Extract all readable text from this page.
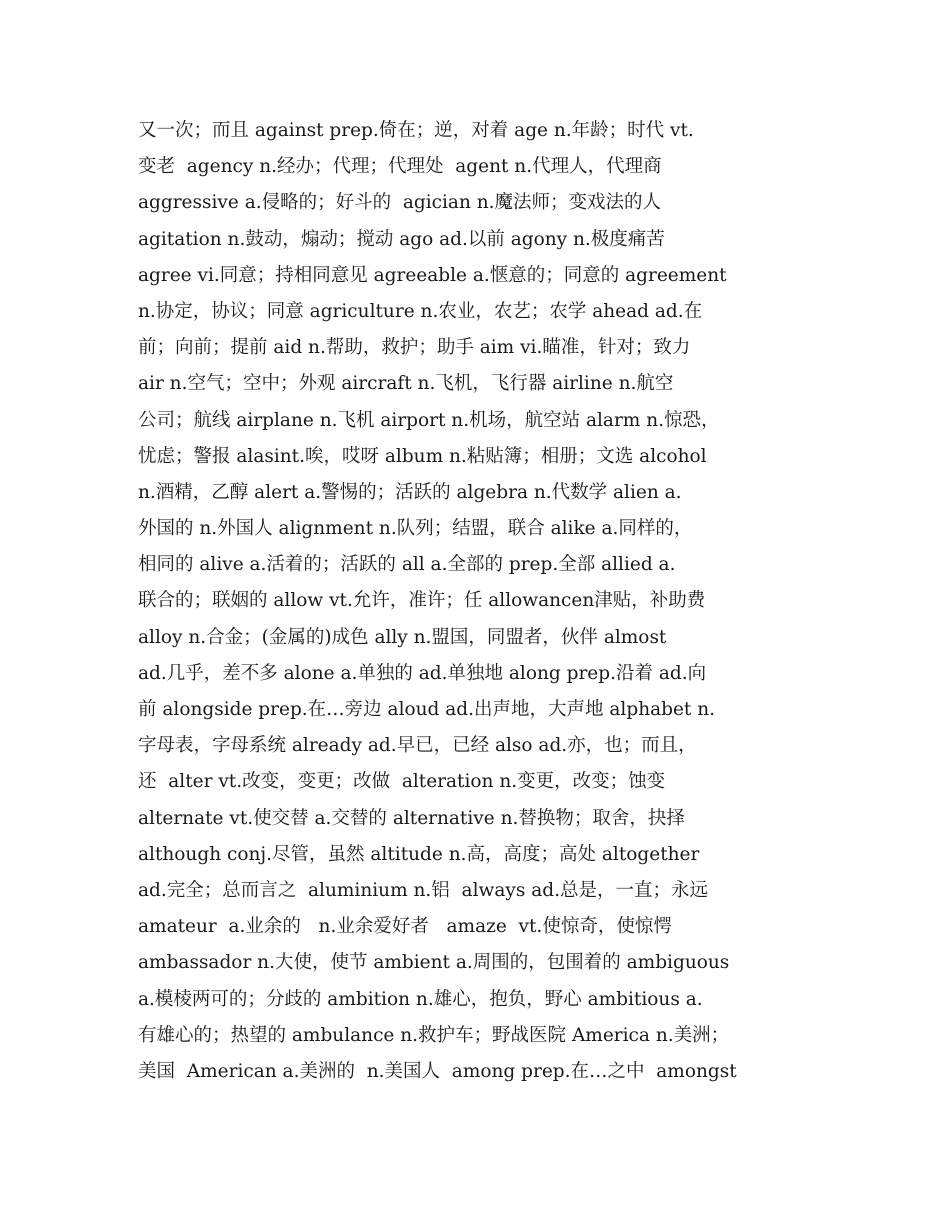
又一次；而且 against prep.倚在；逆，对着 age n.年龄；时代 vt.
变老  agency n.经办；代理；代理处  agent n.代理人，代理商
aggressive a.侵略的；好斗的  agician n.魔法师；变戏法的人
agitation n.鼓动，煽动；搅动 ago ad.以前 agony n.极度痛苦
agree vi.同意；持相同意见 agreeable a.惬意的；同意的 agreement
n.协定，协议；同意 agriculture n.农业，农艺；农学 ahead ad.在
前；向前；提前 aid n.帮助，救护；助手 aim vi.瞄准，针对；致力
air n.空气；空中；外观 aircraft n.飞机，飞行器 airline n.航空
公司；航线 airplane n.飞机 airport n.机场，航空站 alarm n.惊恐，
忧虑；警报 alasint.唉，哎呀 album n.粘贴簿；相册；文选 alcohol
n.酒精，乙醇 alert a.警惕的；活跃的 algebra n.代数学 alien a.
外国的 n.外国人 alignment n.队列；结盟，联合 alike a.同样的，
相同的 alive a.活着的；活跃的 all a.全部的 prep.全部 allied a.
联合的；联姻的 allow vt.允许，准许；任 allowancen津贴，补助费
alloy n.合金；(金属的)成色 ally n.盟国，同盟者，伙伴 almost
ad.几乎，差不多 alone a.单独的 ad.单独地 along prep.沿着 ad.向
前 alongside prep.在…旁边 aloud ad.出声地，大声地 alphabet n.
字母表，字母系统 already ad.早已，已经 also ad.亦，也；而且，
还  alter vt.改变，变更；改做  alteration n.变更，改变；蚀变
alternate vt.使交替 a.交替的 alternative n.替换物；取舍，抉择
although conj.尽管，虽然 altitude n.高，高度；高处 altogether
ad.完全；总而言之  aluminium n.铝  always ad.总是，一直；永远
amateur  a.业余的   n.业余爱好者   amaze  vt.使惊奇，使惊愕
ambassador n.大使，使节 ambient a.周围的，包围着的 ambiguous
a.模棱两可的；分歧的 ambition n.雄心，抱负，野心 ambitious a.
有雄心的；热望的 ambulance n.救护车；野战医院 America n.美洲；
美国  American a.美洲的  n.美国人  among prep.在…之中  amongst
